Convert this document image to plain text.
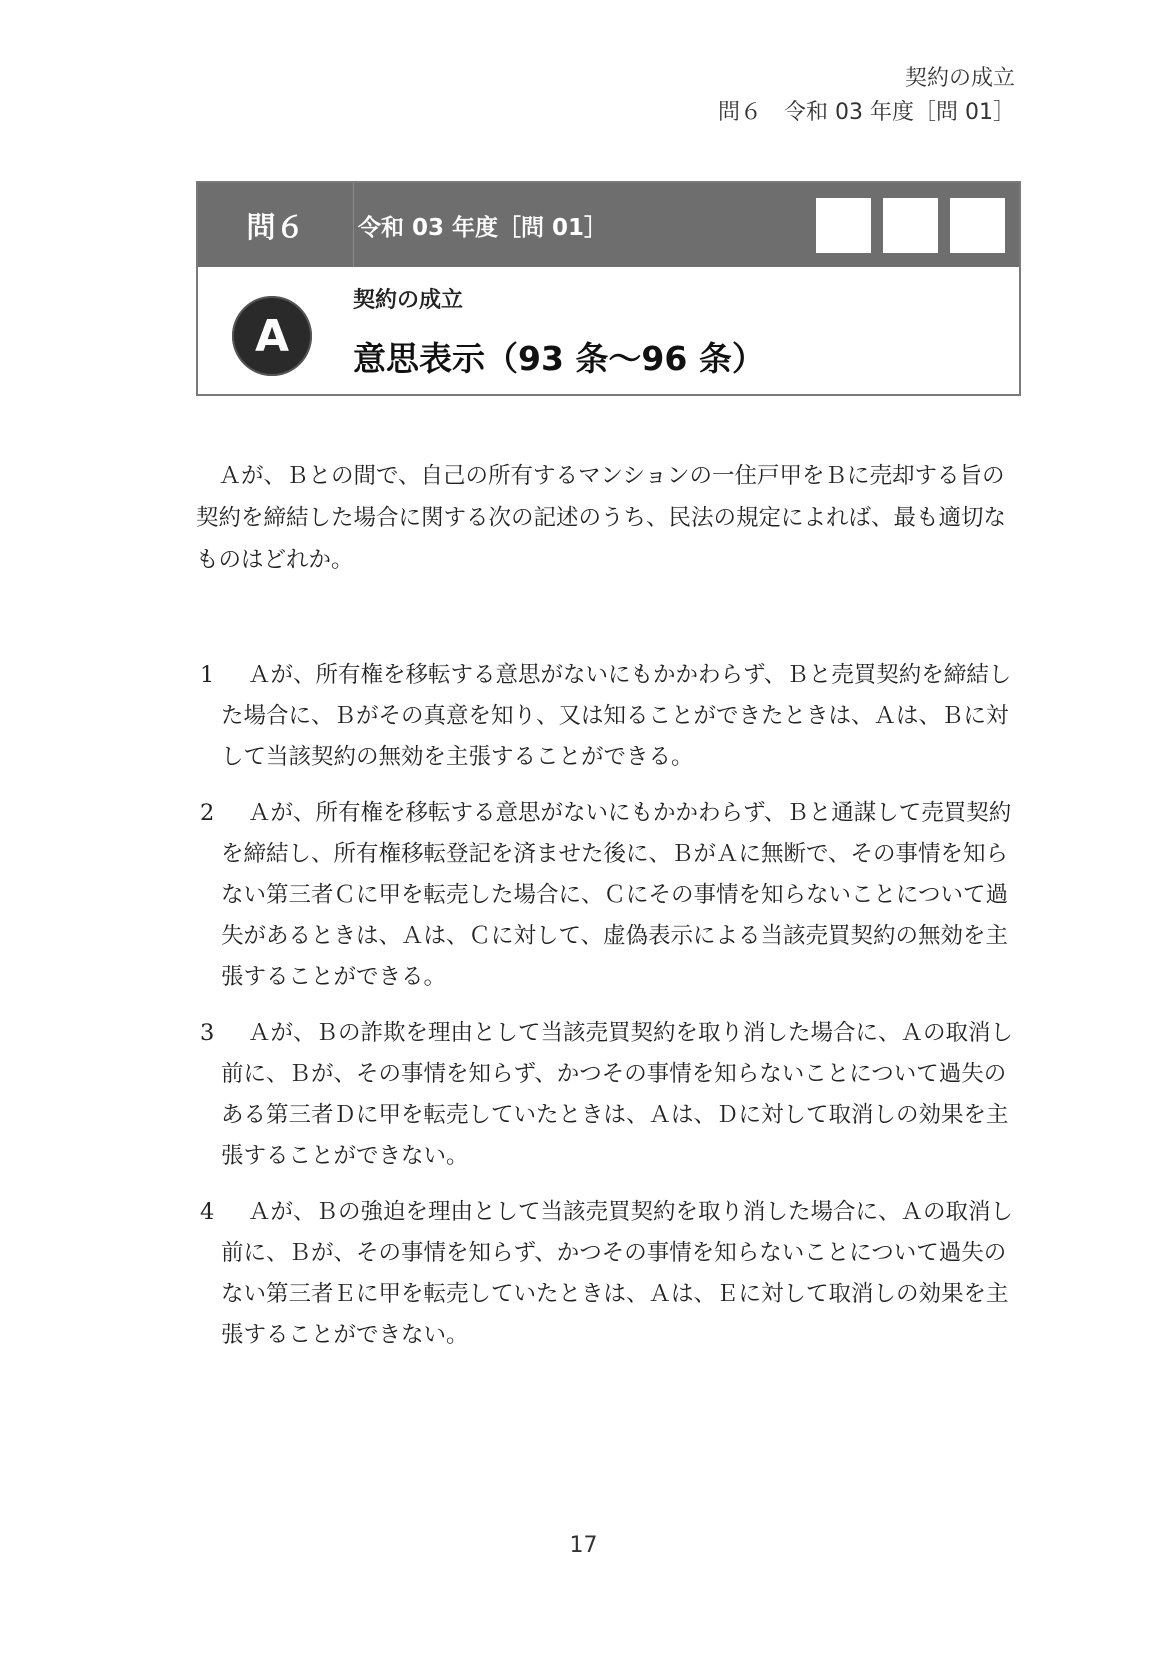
契約の成立
問６　令和 03 年度［問 01］
問６	令和 03 年度［問 01］
A
契約の成立
意思表示（93 条～96 条）

Ａが、Ｂとの間で、自己の所有するマンションの一住戸甲をＢに売却する旨の契約を締結した場合に関する次の記述のうち、民法の規定によれば、最も適切なものはどれか。

1	Ａが、所有権を移転する意思がないにもかかわらず、Ｂと売買契約を締結した場合に、Ｂがその真意を知り、又は知ることができたときは、Ａは、Ｂに対して当該契約の無効を主張することができる。
2	Ａが、所有権を移転する意思がないにもかかわらず、Ｂと通謀して売買契約を締結し、所有権移転登記を済ませた後に、ＢがＡに無断で、その事情を知らない第三者Ｃに甲を転売した場合に、Ｃにその事情を知らないことについて過失があるときは、Ａは、Ｃに対して、虚偽表示による当該売買契約の無効を主張することができる。
3	Ａが、Ｂの詐欺を理由として当該売買契約を取り消した場合に、Ａの取消し前に、Ｂが、その事情を知らず、かつその事情を知らないことについて過失のある第三者Ｄに甲を転売していたときは、Ａは、Ｄに対して取消しの効果を主張することができない。
4	Ａが、Ｂの強迫を理由として当該売買契約を取り消した場合に、Ａの取消し前に、Ｂが、その事情を知らず、かつその事情を知らないことについて過失のない第三者Ｅに甲を転売していたときは、Ａは、Ｅに対して取消しの効果を主張することができない。
17
